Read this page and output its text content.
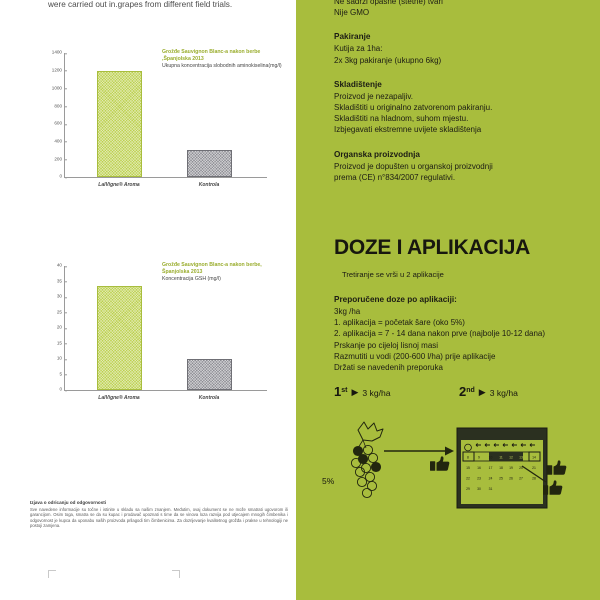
were carried out in.grapes from different field trials.
1400
1200
1000
800
600
400
200
0
LalVigne® Aroma	Kontrola
Grožđe Sauvignon Blanc-a nakon berbe ,Španjolska 2013
Ukupna koncentracija slobodnih aminokiselina(mg/l)
40
35
30
25
20
15
10
5
0
LalVigne® Aroma	Kontrola
Grožđe Sauvignon Blanc-a nakon berbe, Španjolska 2013
Koncentracija GSH (mg/l)
Izjava o odricanju od odgovornosti

Sve navedene informacije su točne i istinite u skladu sa našim znanjem. Međutim, ovaj dokument se ne može smatrati ugovorom ili garancijom. Osim toga, smatra se da su kupac i prodavač upoznati s time da se vinova loza razvija pod utjecajem mnogih čimbenika i odgovornost je kupca da uponabu naših proizvoda prilagodi tim čimbenicima. Za dozrijevanje kvalitetnog grožđa i prakse u tehnologiji ne postoji zamjena.

Ne sadrži opasne (štetne) tvari
Nije GMO
Pakiranje
Kutija za 1ha:
2x 3kg pakiranje (ukupno 6kg)
Skladištenje
Proizvod je nezapaljiv.
Skladištiti u originalno zatvorenom pakiranju.
Skladištiti na hladnom, suhom mjestu.
Izbjegavati ekstremne uvijete skladištenja
Organska proizvodnja
Proizvod je dopušten u organskoj proizvodnji
prema (CE) n°834/2007 regulativi.
DOZE I APLIKACIJA
Tretiranje se vrši u 2 aplikacije
Preporučene doze po aplikaciji:
3kg /ha
1. aplikacija = početak šare (oko 5%)
2. aplikacija = 7 - 14 dana nakon prve (najbolje 10-12 dana)
Prskanje po cijeloj lisnoj masi
Razmutiti u vodi (200-600 l/ha) prije aplikacije
Držati se navedenih preporuka
1 st ▶ 3 kg/ha	2 nd ▶ 3 kg/ha
5%
8	9	10 11 12 13	14
15 16 17 18 19 20	21
22 23 24 25 26 27	28
29 30 31
